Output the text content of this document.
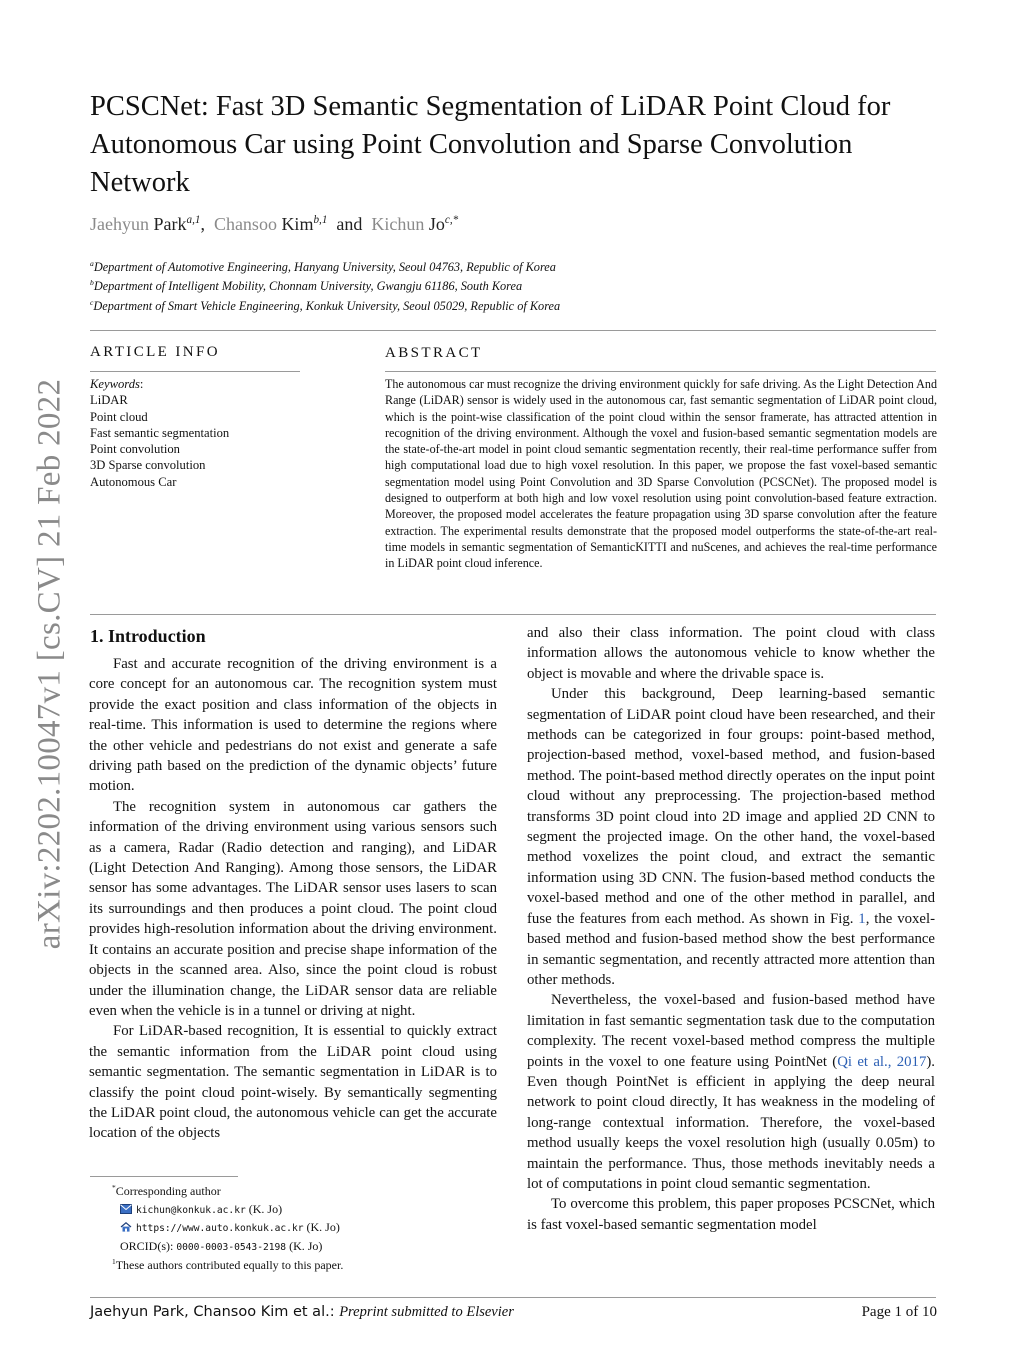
arXiv:2202.10047v1 [cs.CV] 21 Feb 2022
PCSCNet: Fast 3D Semantic Segmentation of LiDAR Point Cloud for Autonomous Car using Point Convolution and Sparse Convolution Network
Jaehyun Park$^{a,1}$,  Chansoo Kim$^{b,1}$ and Kichun $Jo^{c,*}$
$^a$Department of Automotive Engineering, Hanyang University, Seoul 04763, Republic of Korea
$^b$Department of Intelligent Mobility, Chonnam University, Gwangju 61186, South Korea
$^c$Department of Smart Vehicle Engineering, Konkuk University, Seoul 05029, Republic of Korea
ARTICLE INFO
Keywords:
LiDAR
Point cloud
Fast semantic segmentation
Point convolution
3D Sparse convolution
Autonomous Car
ABSTRACT

The autonomous car must recognize the driving environment quickly for safe driving. As the Light Detection And Range (LiDAR) sensor is widely used in the autonomous car, fast semantic segmentation of LiDAR point cloud, which is the point-wise classification of the point cloud within the sensor framerate, has attracted attention in recognition of the driving environment. Although the voxel and fusion-based semantic segmentation models are the state-of-the-art model in point cloud semantic segmentation recently, their real-time performance suffer from high computational load due to high voxel resolution. In this paper, we propose the fast voxel-based semantic segmentation model using Point Convolution and 3D Sparse Convolution (PCSCNet). The proposed model is designed to outperform at both high and low voxel resolution using point convolution-based feature extraction. Moreover, the proposed model accelerates the feature propagation using 3D sparse convolution after the feature extraction. The experimental results demonstrate that the proposed model outperforms the state-of-the-art real-time models in semantic segmentation of SemanticKITTI and nuScenes, and achieves the real-time performance in LiDAR point cloud inference.

1. Introduction

Fast and accurate recognition of the driving environment is a core concept for an autonomous car. The recognition system must provide the exact position and class information of the objects in real-time. This information is used to determine the regions where the other vehicle and pedestrians do not exist and generate a safe driving path based on the prediction of the dynamic objects’ future motion.

The recognition system in autonomous car gathers the information of the driving environment using various sensors such as a camera, Radar (Radio detection and ranging), and LiDAR (Light Detection And Ranging). Among those sensors, the LiDAR sensor has some advantages. The LiDAR sensor uses lasers to scan its surroundings and then produces a point cloud. The point cloud provides high-resolution information about the driving environment. It contains an accurate position and precise shape information of the objects in the scanned area. Also, since the point cloud is robust under the illumination change, the LiDAR sensor data are reliable even when the vehicle is in a tunnel or driving at night.

For LiDAR-based recognition, It is essential to quickly extract the semantic information from the LiDAR point cloud using semantic segmentation. The semantic segmentation in LiDAR is to classify the point cloud point-wisely. By semantically segmenting the LiDAR point cloud, the autonomous vehicle can get the accurate location of the objects

*Corresponding author
kichun@konkuk.ac.kr (K. Jo)
https://www.auto.konkuk.ac.kr (K. Jo)
ORCID(s): 0000-0003-0543-2198 (K. Jo)
$^1$These authors contributed equally to this paper.

and also their class information. The point cloud with class information allows the autonomous vehicle to know whether the object is movable and where the drivable space is.

Under this background, Deep learning-based semantic segmentation of LiDAR point cloud have been researched, and their methods can be categorized in four groups: point-based method, projection-based method, voxel-based method, and fusion-based method. The point-based method directly operates on the input point cloud without any preprocessing. The projection-based method transforms 3D point cloud into 2D image and applied 2D CNN to segment the projected image. On the other hand, the voxel-based method voxelizes the point cloud, and extract the semantic information using 3D CNN. The fusion-based method conducts the voxel-based method and one of the other method in parallel, and fuse the features from each method. As shown in Fig. 1, the voxel-based method and fusion-based method show the best performance in semantic segmentation, and recently attracted more attention than other methods.

Nevertheless, the voxel-based and fusion-based method have limitation in fast semantic segmentation task due to the computation complexity. The recent voxel-based method compress the multiple points in the voxel to one feature using PointNet (Qi et al., 2017). Even though PointNet is efficient in applying the deep neural network to point cloud directly, It has weakness in the modeling of long-range contextual information. Therefore, the voxel-based method usually keeps the voxel resolution high (usually 0.05m) to maintain the performance. Thus, those methods inevitably needs a lot of computations in point cloud semantic segmentation.

To overcome this problem, this paper proposes PCSCNet, which is fast voxel-based semantic segmentation model

Jaehyun Park, Chansoo Kim et al.: Preprint submitted to Elsevier	Page 1 of 10
